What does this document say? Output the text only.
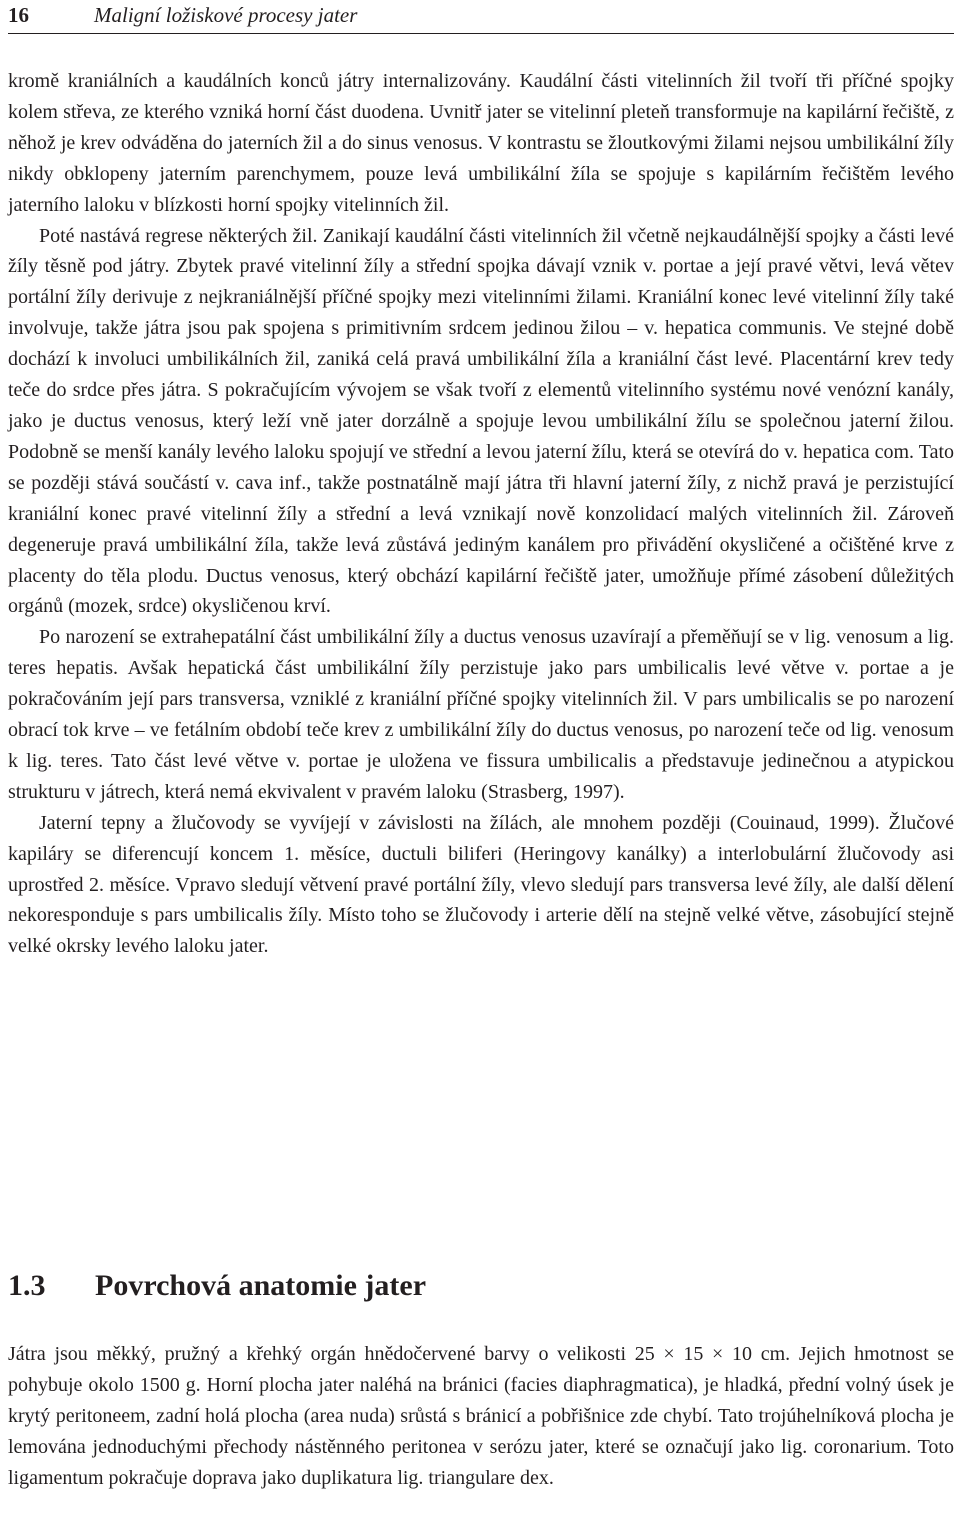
16	Maligní ložiskové procesy jater

kromě kraniálních a kaudálních konců játry internalizovány. Kaudální části vitelinních žil tvoří tři příčné spojky kolem střeva, ze kterého vzniká horní část duodena. Uvnitř jater se vitelinní pleteň transformuje na kapilární řečiště, z něhož je krev odváděna do jaterních žil a do sinus venosus. V kontrastu se žloutkovými žilami nejsou umbilikální žíly nikdy obklopeny jaterním parenchymem, pouze levá umbilikální žíla se spojuje s kapilárním řečištěm levého jaterního laloku v blízkosti horní spojky vitelinních žil.

Poté nastává regrese některých žil. Zanikají kaudální části vitelinních žil včetně nejkaudálnější spojky a části levé žíly těsně pod játry. Zbytek pravé vitelinní žíly a střední spojka dávají vznik v. portae a její pravé větvi, levá větev portální žíly derivuje z nejkraniálnější příčné spojky mezi vitelinními žilami. Kraniální konec levé vitelinní žíly také involvuje, takže játra jsou pak spojena s primitivním srdcem jedinou žilou – v. hepatica communis. Ve stejné době dochází k involuci umbilikálních žil, zaniká celá pravá umbilikální žíla a kraniální část levé. Placentární krev tedy teče do srdce přes játra. S pokračujícím vývojem se však tvoří z elementů vitelinního systému nové venózní kanály, jako je ductus venosus, který leží vně jater dorzálně a spojuje levou umbilikální žílu se společnou jaterní žilou. Podobně se menší kanály levého laloku spojují ve střední a levou jaterní žílu, která se otevírá do v. hepatica com. Tato se později stává součástí v. cava inf., takže postnatálně mají játra tři hlavní jaterní žíly, z nichž pravá je perzistující kraniální konec pravé vitelinní žíly a střední a levá vznikají nově konzolidací malých vitelinních žil. Zároveň degeneruje pravá umbilikální žíla, takže levá zůstává jediným kanálem pro přivádění okysličené a očištěné krve z placenty do těla plodu. Ductus venosus, který obchází kapilární řečiště jater, umožňuje přímé zásobení důležitých orgánů (mozek, srdce) okysličenou krví.

Po narození se extrahepatální část umbilikální žíly a ductus venosus uzavírají a přeměňují se v lig. venosum a lig. teres hepatis. Avšak hepatická část umbilikální žíly perzistuje jako pars umbilicalis levé větve v. portae a je pokračováním její pars transversa, vzniklé z kraniální příčné spojky vitelinních žil. V pars umbilicalis se po narození obrací tok krve – ve fetálním období teče krev z umbilikální žíly do ductus venosus, po narození teče od lig. venosum k lig. teres. Tato část levé větve v. portae je uložena ve fissura umbilicalis a představuje jedinečnou a atypickou strukturu v játrech, která nemá ekvivalent v pravém laloku (Strasberg, 1997).

Jaterní tepny a žlučovody se vyvíjejí v závislosti na žílách, ale mnohem později (Couinaud, 1999). Žlučové kapiláry se diferencují koncem 1. měsíce, ductuli biliferi (Heringovy kanálky) a interlobulární žlučovody asi uprostřed 2. měsíce. Vpravo sledují větvení pravé portální žíly, vlevo sledují pars transversa levé žíly, ale další dělení nekoresponduje s pars umbilicalis žíly. Místo toho se žlučovody i arterie dělí na stejně velké větve, zásobující stejně velké okrsky levého laloku jater.

1.3 Povrchová anatomie jater

Játra jsou měkký, pružný a křehký orgán hnědočervené barvy o velikosti 25 × 15 × 10 cm. Jejich hmotnost se pohybuje okolo 1500 g. Horní plocha jater naléhá na bránici (facies diaphragmatica), je hladká, přední volný úsek je krytý peritoneem, zadní holá plocha (area nuda) srůstá s bránicí a pobřišnice zde chybí. Tato trojúhelníková plocha je lemována jednoduchými přechody nástěnného peritonea v serózu jater, které se označují jako lig. coronarium. Toto ligamentum pokračuje doprava jako duplikatura lig. triangulare dex.
